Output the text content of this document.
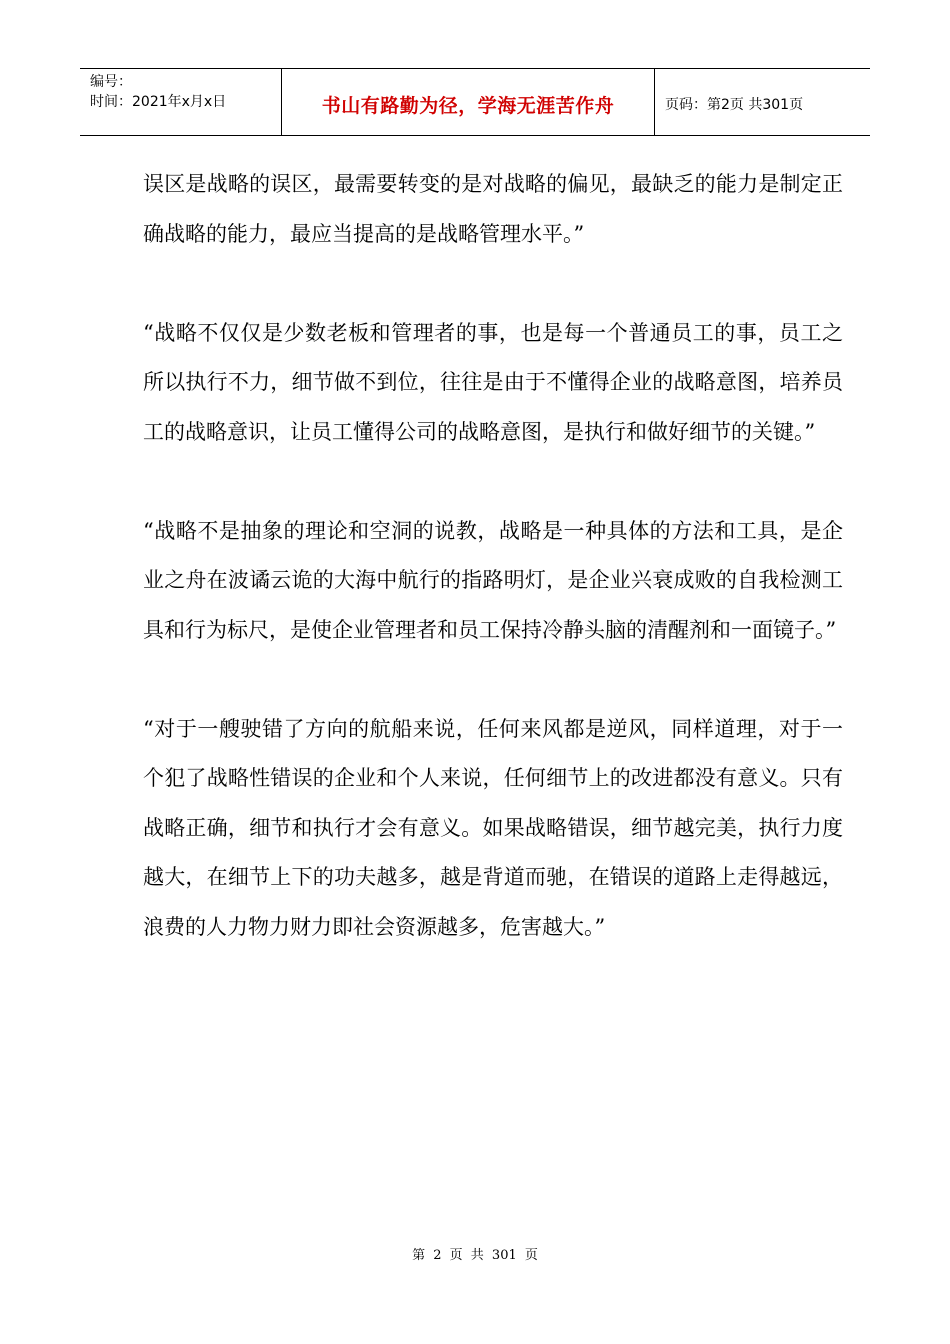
编号：
时间：2021年x月x日	书山有路勤为径，学海无涯苦作舟	页码：第2页 共301页

误区是战略的误区，最需要转变的是对战略的偏见，最缺乏的能力是制定正确战略的能力，最应当提高的是战略管理水平。”

“战略不仅仅是少数老板和管理者的事，也是每一个普通员工的事，员工之所以执行不力，细节做不到位，往往是由于不懂得企业的战略意图，培养员工的战略意识，让员工懂得公司的战略意图，是执行和做好细节的关键。”

“战略不是抽象的理论和空洞的说教，战略是一种具体的方法和工具，是企业之舟在波谲云诡的大海中航行的指路明灯，是企业兴衰成败的自我检测工具和行为标尺，是使企业管理者和员工保持冷静头脑的清醒剂和一面镜子。”

“对于一艘驶错了方向的航船来说，任何来风都是逆风，同样道理，对于一个犯了战略性错误的企业和个人来说，任何细节上的改进都没有意义。只有战略正确，细节和执行才会有意义。如果战略错误，细节越完美，执行力度越大，在细节上下的功夫越多，越是背道而驰，在错误的道路上走得越远，浪费的人力物力财力即社会资源越多，危害越大。”

第 2 页 共 301 页
